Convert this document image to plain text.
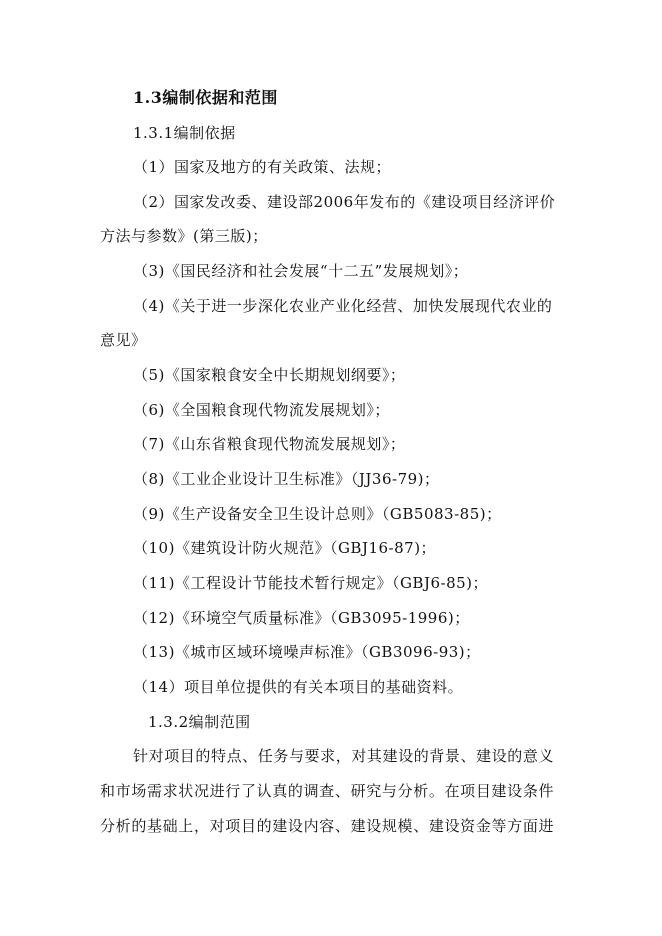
1.3编制依据和范围
1.3.1编制依据
（1）国家及地方的有关政策、法规；
（2）国家发改委、建设部2006年发布的《建设项目经济评价
方法与参数》(第三版)；
（3)《国民经济和社会发展“十二五”发展规划》；
（4)《关于进一步深化农业产业化经营、加快发展现代农业的
意见》
（5)《国家粮食安全中长期规划纲要》；
（6)《全国粮食现代物流发展规划》；
（7)《山东省粮食现代物流发展规划》；
（8)《工业企业设计卫生标准》（JJ36-79)；
（9)《生产设备安全卫生设计总则》（GB5083-85)；
（10)《建筑设计防火规范》（GBJ16-87)；
（11)《工程设计节能技术暂行规定》（GBJ6-85)；
（12)《环境空气质量标准》（GB3095-1996)；
（13)《城市区域环境噪声标准》（GB3096-93)；
（14）项目单位提供的有关本项目的基础资料。
1.3.2编制范围
针对项目的特点、任务与要求，对其建设的背景、建设的意义
和市场需求状况进行了认真的调查、研究与分析。在项目建设条件
分析的基础上，对项目的建设内容、建设规模、建设资金等方面进
